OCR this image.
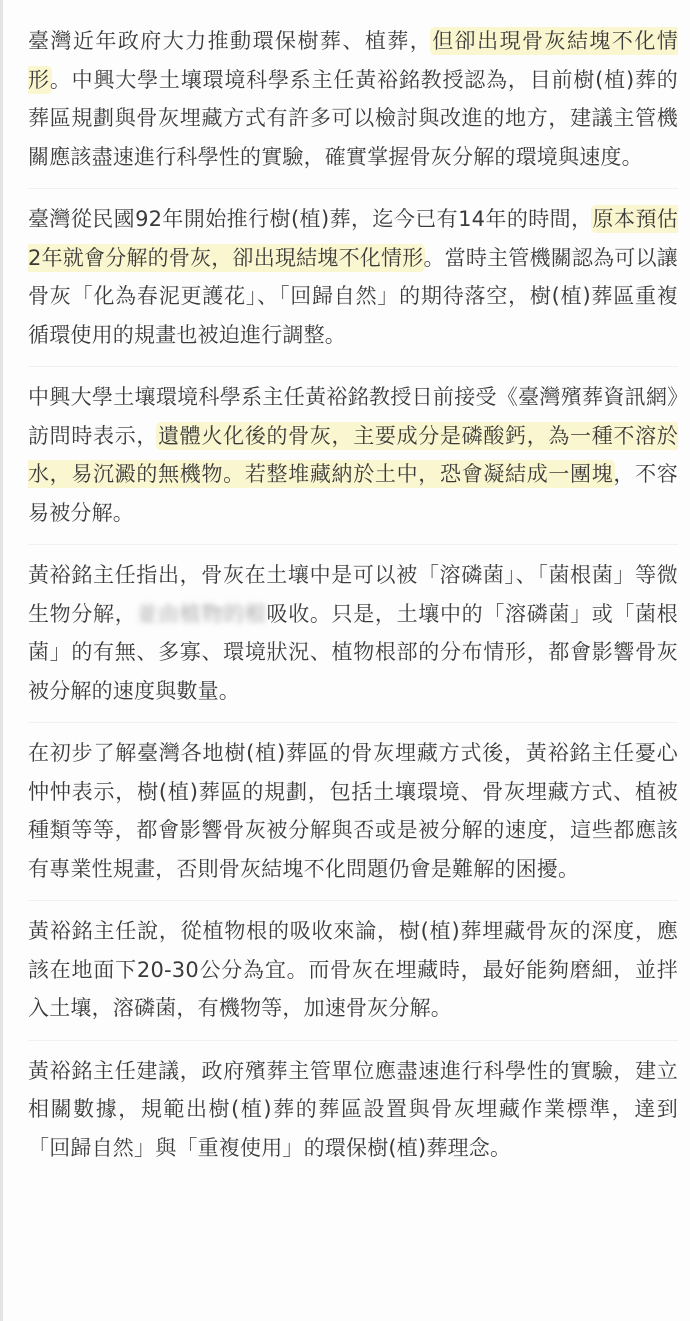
臺灣近年政府大力推動環保樹葬、植葬，但卻出現骨灰結塊不化情形。中興大學土壤環境科學系主任黃裕銘教授認為，目前樹(植)葬的葬區規劃與骨灰埋藏方式有許多可以檢討與改進的地方，建議主管機關應該盡速進行科學性的實驗，確實掌握骨灰分解的環境與速度。

臺灣從民國92年開始推行樹(植)葬，迄今已有14年的時間，原本預估2年就會分解的骨灰，卻出現結塊不化情形。當時主管機關認為可以讓骨灰「化為春泥更護花」、「回歸自然」的期待落空，樹(植)葬區重複循環使用的規畫也被迫進行調整。

中興大學土壤環境科學系主任黃裕銘教授日前接受《臺灣殯葬資訊網》訪問時表示，遺體火化後的骨灰，主要成分是磷酸鈣，為一種不溶於水，易沉澱的無機物。若整堆藏納於土中，恐會凝結成一團塊，不容易被分解。

黃裕銘主任指出，骨灰在土壤中是可以被「溶磷菌」、「菌根菌」等微生物分解，並由植物的根吸收。只是，土壤中的「溶磷菌」或「菌根菌」的有無、多寡、環境狀況、植物根部的分布情形，都會影響骨灰被分解的速度與數量。

在初步了解臺灣各地樹(植)葬區的骨灰埋藏方式後，黃裕銘主任憂心忡忡表示，樹(植)葬區的規劃，包括土壤環境、骨灰埋藏方式、植被種類等等，都會影響骨灰被分解與否或是被分解的速度，這些都應該有專業性規畫，否則骨灰結塊不化問題仍會是難解的困擾。

黃裕銘主任說，從植物根的吸收來論，樹(植)葬埋藏骨灰的深度，應該在地面下20-30公分為宜。而骨灰在埋藏時，最好能夠磨細，並拌入土壤，溶磷菌，有機物等，加速骨灰分解。

黃裕銘主任建議，政府殯葬主管單位應盡速進行科學性的實驗，建立相關數據，規範出樹(植)葬的葬區設置與骨灰埋藏作業標準，達到「回歸自然」與「重複使用」的環保樹(植)葬理念。
